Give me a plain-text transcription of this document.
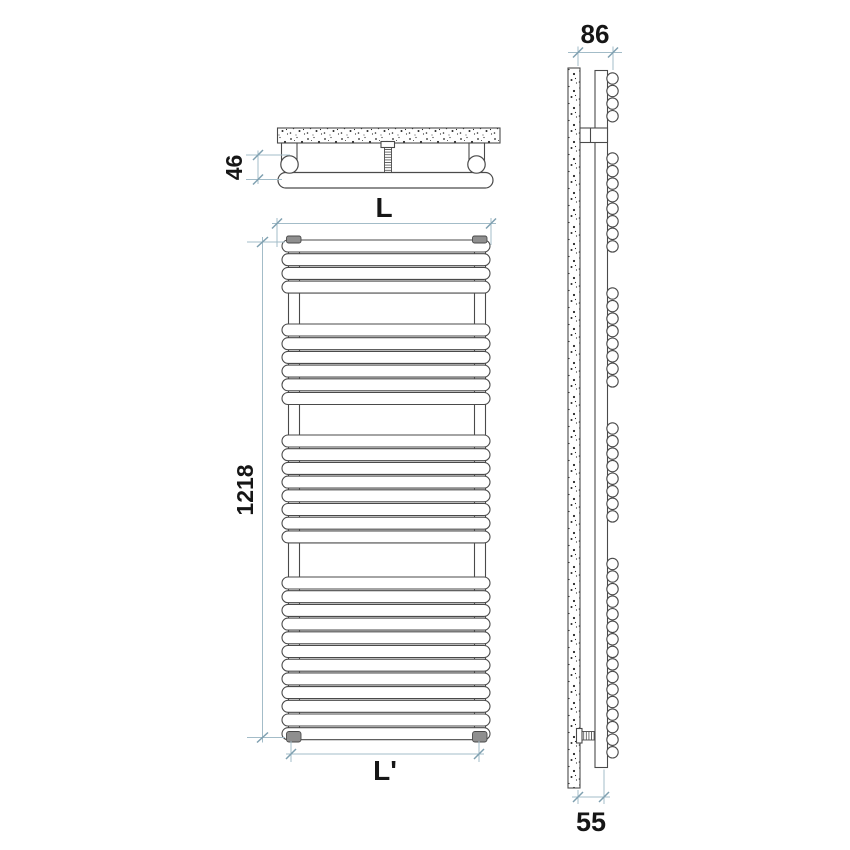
46
L
1218
L'
86
55
